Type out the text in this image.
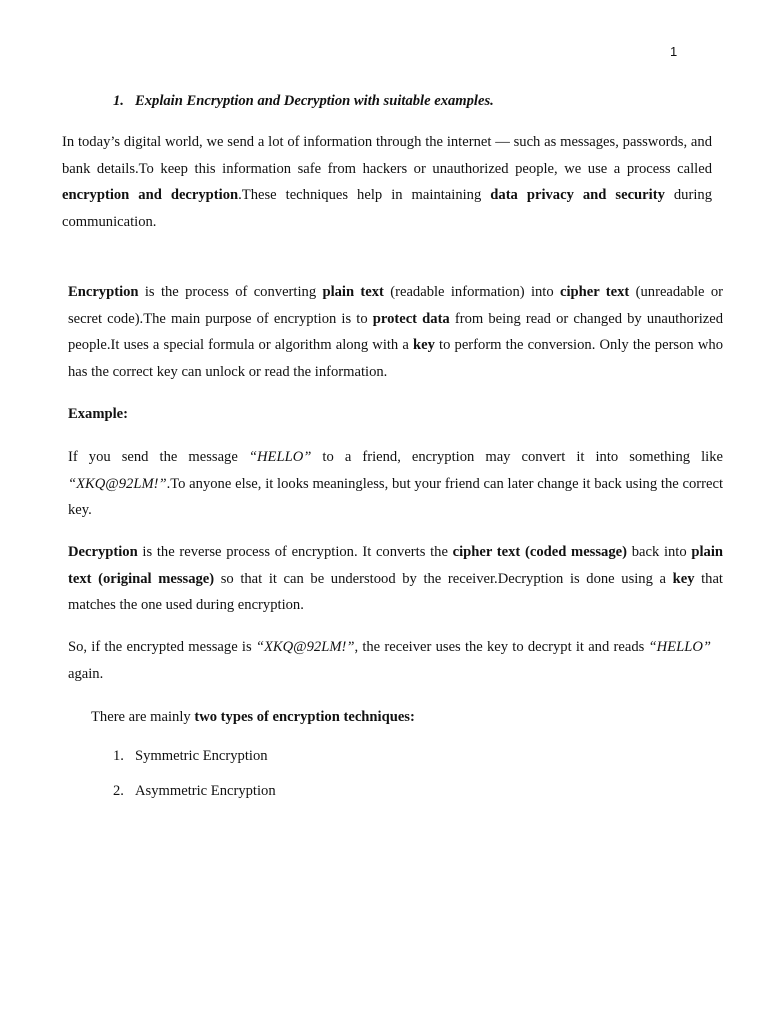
1
1. Explain Encryption and Decryption with suitable examples.

In today’s digital world, we send a lot of information through the internet — such as messages, passwords, and bank details.To keep this information safe from hackers or unauthorized people, we use a process called encryption and decryption.These techniques help in maintaining data privacy and security during communication.

Encryption is the process of converting plain text (readable information) into cipher text (unreadable or secret code).The main purpose of encryption is to protect data from being read or changed by unauthorized people.It uses a special formula or algorithm along with a key to perform the conversion. Only the person who has the correct key can unlock or read the information.

Example:

If you send the message “HELLO” to a friend, encryption may convert it into something like “XKQ@92LM!”.To anyone else, it looks meaningless, but your friend can later change it back using the correct key.

Decryption is the reverse process of encryption. It converts the cipher text (coded message) back into plain text (original message) so that it can be understood by the receiver.Decryption is done using a key that matches the one used during encryption.

So, if the encrypted message is “XKQ@92LM!”, the receiver uses the key to decrypt it and reads “HELLO” again.

There are mainly two types of encryption techniques:

1. Symmetric Encryption
2. Asymmetric Encryption
